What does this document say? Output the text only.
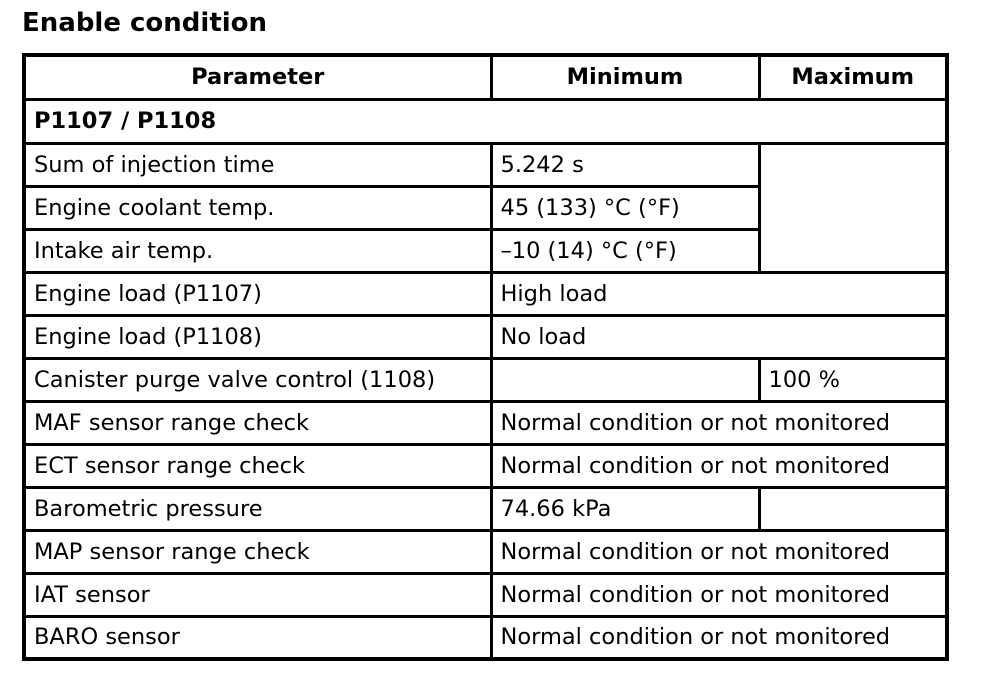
Enable condition
Parameter	Minimum	Maximum
P1107 / P1108		
Sum of injection time	5.242 s	
Engine coolant temp.	45 (133) °C (°F)	
Intake air temp.	–10 (14) °C (°F)	
Engine load (P1107)	High load	
Engine load (P1108)	No load	
Canister purge valve control (1108)		100 %
MAF sensor range check	Normal condition or not monitored	
ECT sensor range check	Normal condition or not monitored	
Barometric pressure	74.66 kPa	
MAP sensor range check	Normal condition or not monitored	
IAT sensor	Normal condition or not monitored	
BARO sensor	Normal condition or not monitored	
